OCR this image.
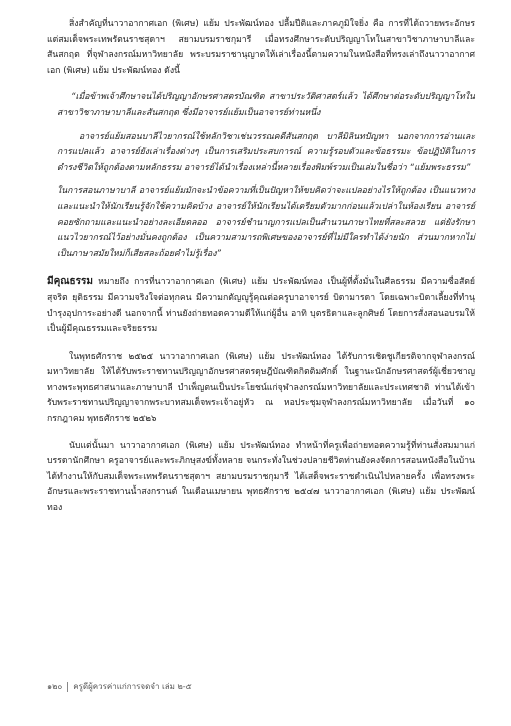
สิ่งสำคัญที่นาวาอากาศเอก (พิเศษ) แย้ม ประพัฒน์ทอง ปลื้มปีติและภาคภูมิใจยิ่ง คือ การที่ได้ถวายพระอักษรแด่สมเด็จพระเทพรัตนราชสุดาฯ สยามบรมราชกุมารี เมื่อทรงศึกษาระดับปริญญาโทในสาขาวิชาภาษาบาลีและสันสกฤต ที่จุฬาลงกรณ์มหาวิทยาลัย พระบรมราชานุญาตให้เล่าเรื่องนี้ตามความในหนังสือที่ทรงเล่าถึงนาวาอากาศเอก (พิเศษ) แย้ม ประพัฒน์ทอง ดังนี้

“เมื่อข้าพเจ้าศึกษาจนได้ปริญญาอักษรศาสตรบัณฑิต สาขาประวัติศาสตร์แล้ว ได้ศึกษาต่อระดับปริญญาโทในสาขาวิชาภาษาบาลีและสันสกฤต ซึ่งมีอาจารย์แย้มเป็นอาจารย์ท่านหนึ่ง

อาจารย์แย้มสอนบาลีไวยากรณ์ใช้หลักวิชาเช่นวรรณคดีสันสกฤต บาลีมิลินทปัญหา นอกจากการอ่านและการแปลแล้ว อาจารย์ยังเล่าเรื่องต่างๆ เป็นการเสริมประสบการณ์ ความรู้รอบตัวและข้อธรรมะ ข้อปฏิบัติในการดำรงชีวิตให้ถูกต้องตามหลักธรรม อาจารย์ได้นำเรื่องเหล่านี้หลายเรื่องพิมพ์รวมเป็นเล่มในชื่อว่า “แย้มพระธรรม”

ในการสอนภาษาบาลี อาจารย์แย้มมักจะนำข้อความที่เป็นปัญหาให้ขบคิดว่าจะแปลอย่างไรให้ถูกต้อง เป็นแนวทางและแนะนำให้นักเรียนรู้จักใช้ความคิดบ้าง อาจารย์ให้นักเรียนได้เตรียมตัวมากก่อนแล้วเปล่าในห้องเรียน อาจารย์คอยซักถามและแนะนำอย่างละเอียดลออ อาจารย์ชำนาญการแปลเป็นสำนวนภาษาไทยที่สละสลวย แต่ยังรักษาแนวไวยากรณ์ไว้อย่างมั่นคงถูกต้อง เป็นความสามารถพิเศษของอาจารย์ที่ไม่มีใครทำได้ง่ายนัก ส่วนมากหากไม่เป็นภาษาสมัยใหม่ก็เสียสละถ้อยคำไม่รู้เรื่อง”

มีคุณธรรม หมายถึง การที่นาวาอากาศเอก (พิเศษ) แย้ม ประพัฒน์ทอง เป็นผู้ที่ตั้งมั่นในศีลธรรม มีความซื่อสัตย์สุจริต ยุติธรรม มีความจริงใจต่อทุกคน มีความกตัญญูรู้คุณต่อครูบาอาจารย์ บิดามารดา โดยเฉพาะบิดาเลี้ยงที่ทำนุบำรุงอุปการะอย่างดี นอกจากนี้ ท่านยังถ่ายทอดความดีให้แก่ผู้อื่น อาทิ บุตรธิดาและลูกศิษย์ โดยการสั่งสอนอบรมให้เป็นผู้มีคุณธรรมและจริยธรรม

ในพุทธศักราช ๒๕๒๕ นาวาอากาศเอก (พิเศษ) แย้ม ประพัฒน์ทอง ได้รับการเชิดชูเกียรติจากจุฬาลงกรณ์มหาวิทยาลัย ให้ได้รับพระราชทานปริญญาอักษรศาสตรดุษฎีบัณฑิตกิตติมศักดิ์ ในฐานะนักอักษรศาสตร์ผู้เชี่ยวชาญทางพระพุทธศาสนาและภาษาบาลี บำเพ็ญตนเป็นประโยชน์แก่จุฬาลงกรณ์มหาวิทยาลัยและประเทศชาติ ท่านได้เข้ารับพระราชทานปริญญาจากพระบาทสมเด็จพระเจ้าอยู่หัว ณ หอประชุมจุฬาลงกรณ์มหาวิทยาลัย เมื่อวันที่ ๑๐ กรกฎาคม พุทธศักราช ๒๕๒๖

นับแต่นั้นมา นาวาอากาศเอก (พิเศษ) แย้ม ประพัฒน์ทอง ทำหน้าที่ครูเพื่อถ่ายทอดความรู้ที่ท่านสั่งสมมาแก่บรรดานักศึกษา ครูอาจารย์และพระภิกษุสงฆ์ทั้งหลาย จนกระทั่งในช่วงปลายชีวิตท่านยังคงจัดการสอนหนังสือในบ้าน ได้ทำงานให้กับสมเด็จพระเทพรัตนราชสุดาฯ สยามบรมราชกุมารี ได้เสด็จพระราชดำเนินไปหลายครั้ง เพื่อทรงพระอักษรและพระราชทานน้ำสงกรานต์ ในเดือนเมษายน พุทธศักราช ๒๕๔๗ นาวาอากาศเอก (พิเศษ) แย้ม ประพัฒน์ทอง

๑๒๐ ครูดีผู้ควรค่าแก่การจดจำ เล่ม ๒-๕
